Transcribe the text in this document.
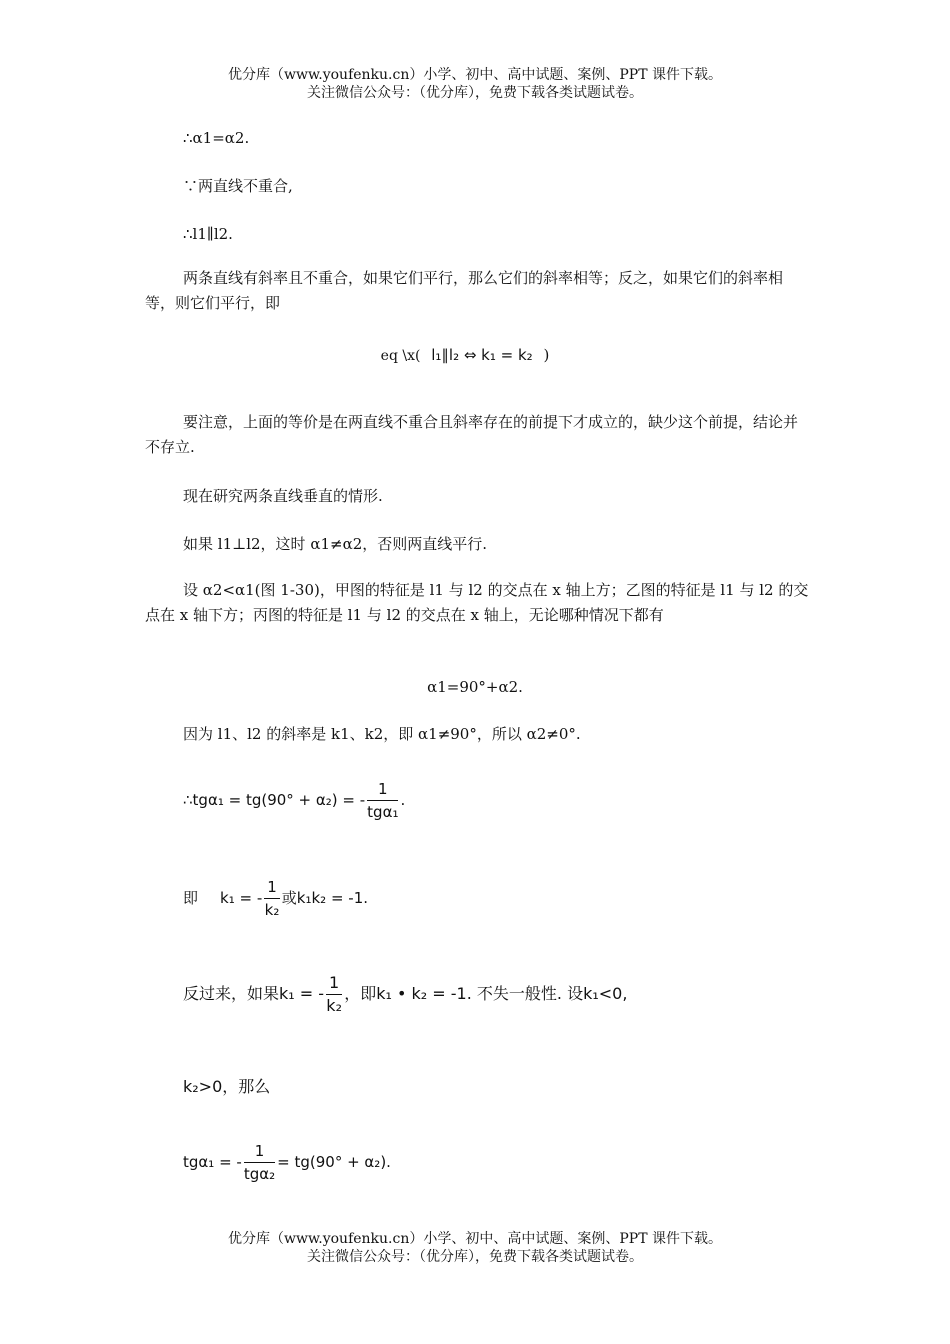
优分库（www.youfenku.cn）小学、初中、高中试题、案例、PPT 课件下载。
关注微信公众号：（优分库），免费下载各类试题试卷。
∴α1=α2.
∵两直线不重合,
∴l1∥l2.
两条直线有斜率且不重合，如果它们平行，那么它们的斜率相等；反之，如果它们的斜率相等，则它们平行，即
eq \x( l₁∥l₂ ⇔ k₁ = k₂ )
要注意，上面的等价是在两直线不重合且斜率存在的前提下才成立的，缺少这个前提，结论并不存立.
现在研究两条直线垂直的情形.
如果 l1⊥l2，这时 α1≠α2，否则两直线平行.
设 α2<α1(图 1-30)，甲图的特征是 l1 与 l2 的交点在 x 轴上方；乙图的特征是 l1 与 l2 的交点在 x 轴下方；丙图的特征是 l1 与 l2 的交点在 x 轴上，无论哪种情况下都有
α1=90°+α2.
因为 l1、l2 的斜率是 k1、k2，即 α1≠90°，所以 α2≠0°.
∴tgα₁ = tg(90° + α₂) = - $\frac{1}{\text{tgα₁}}$ .
即 k₁ = - $\frac{1}{\text{k₂}}$ 或k₁k₂ = -1.
反过来，如果k₁ = - $\frac{1}{\text{k₂}}$ ，即k₁ • k₂ = -1. 不失一般性. 设k₁<0,
k₂>0，那么
tgα₁ = - $\frac{1}{\text{tgα₂}} = tg(90^\circ + \alpha_2)$.
优分库（www.youfenku.cn）小学、初中、高中试题、案例、PPT 课件下载。
关注微信公众号：（优分库），免费下载各类试题试卷。
